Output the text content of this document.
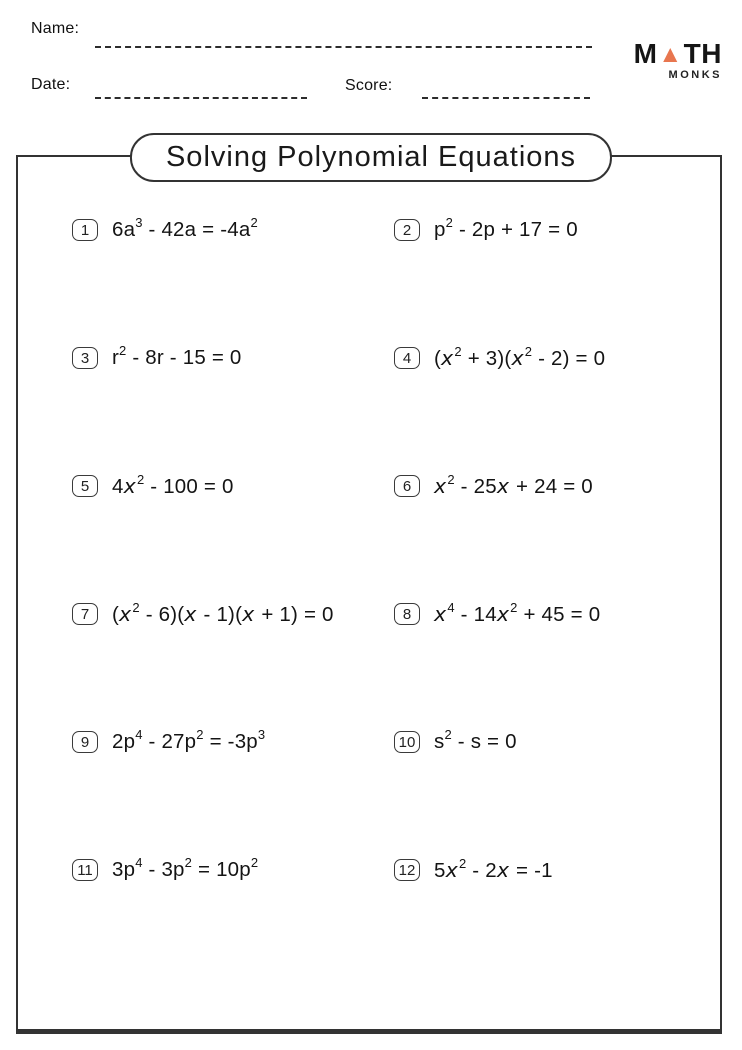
Name:
Date:	Score:
M▲TH
MONKS
Solving Polynomial Equations
1	$6a^3 - 42a = -4a^2$	2	$p^2 - 2p + 17 = 0$
3	$r^2 - 8r - 15 = 0$	4	$(x^2 + 3)(x^2 - 2) = 0$
5	$4x^2 - 100 = 0$	6	$x^2 - 25x + 24 = 0$
7	$(x^2 - 6)(x - 1)(x + 1) = 0$	8	$x^4 - 14x^2 + 45 = 0$
9	$2p^4 - 27p^2 = -3p^3$	10 $s^2 - s = 0$
11 $3p^4 - 3p^2 = 10p^2$	12 $5x^2 - 2x = -1$
